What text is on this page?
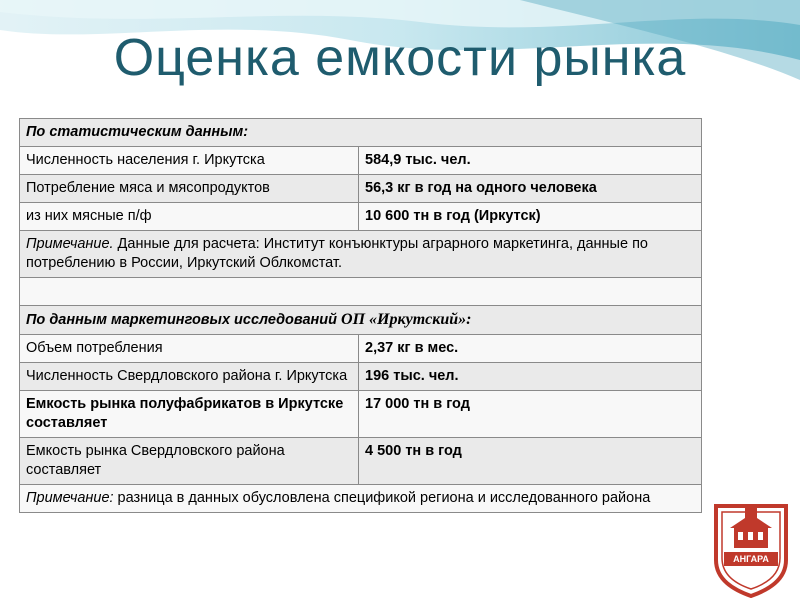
Оценка емкости рынка
По статистическим данным:	
Численность населения г. Иркутска	584,9 тыс. чел.
Потребление мяса и мясопродуктов	56,3 кг в год на одного человека
из них мясные п/ф	10 600 тн в год (Иркутск)
Примечание. Данные для расчета: Институт конъюнктуры аграрного маркетинга, данные по потреблению в России, Иркутский Облкомстат.	

По данным маркетинговых исследований ОП «Иркутский»:	
Объем потребления	2,37 кг в мес.
Численность Свердловского района г. Иркутска	196 тыс. чел.
Емкость рынка полуфабрикатов в Иркутске составляет	17 000 тн в год
Емкость рынка Свердловского района составляет	4 500 тн в год
Примечание: разница в данных обусловлена спецификой региона и исследованного района	
АНГАРА
